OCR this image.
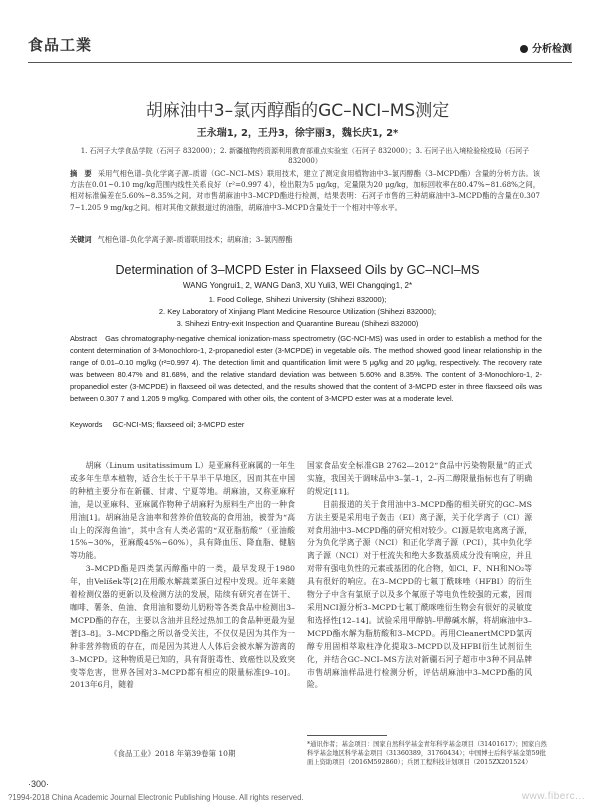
食品工業	分析检测
胡麻油中3–氯丙醇酯的GC–NCI–MS测定
王永瑞1, 2，王丹3，徐宇丽3，魏长庆1, 2*
1. 石河子大学食品学院（石河子 832000）；2. 新疆植物药资源利用教育部重点实验室（石河子 832000）；3. 石河子出入境检验检疫局（石河子 832000）
摘　要 采用气相色谱–负化学离子源–质谱（GC–NCI–MS）联用技术，建立了测定食用植物油中3–氯丙醇酯（3–MCPD酯）含量的分析方法。该方法在0.01~0.10 mg/kg范围内线性关系良好（r²=0.997 4），检出限为5 μg/kg，定量限为20 μg/kg，加标回收率在80.47%~81.68%之间，相对标准偏差在5.60%~8.35%之间。对市售胡麻油中3–MCPD酯进行检测，结果表明：石河子市售的三种胡麻油中3–MCPD酯的含量在0.307 7~1.205 9 mg/kg之间。相对其他文献报道过的油脂，胡麻油中3–MCPD含量处于一个相对中等水平。
关键词 气相色谱–负化学离子源–质谱联用技术；胡麻油；3–氯丙醇酯
Determination of 3–MCPD Ester in Flaxseed Oils by GC–NCI–MS
WANG Yongrui1, 2, WANG Dan3, XU Yuli3, WEI Changqing1, 2*
1. Food College, Shihezi University (Shihezi 832000);
2. Key Laboratory of Xinjiang Plant Medicine Resource Utilization (Shihezi 832000);
3. Shihezi Entry-exit Inspection and Quarantine Bureau (Shihezi 832000)
Abstract Gas chromatography-negative chemical ionization-mass spectrometry (GC-NCI-MS) was used in order to establish a method for the content determination of 3-Monochloro-1, 2-propanediol ester (3-MCPDE) in vegetable oils. The method showed good linear relationship in the range of 0.01–0.10 mg/kg (r²=0.997 4). The detection limit and quantification limit were 5 μg/kg and 20 μg/kg, respectively. The recovery rate was between 80.47% and 81.68%, and the relative standard deviation was between 5.60% and 8.35%. The content of 3-Monochloro-1, 2-propanediol ester (3-MCPDE) in flaxseed oil was detected, and the results showed that the content of 3-MCPD ester in three flaxseed oils was between 0.307 7 and 1.205 9 mg/kg. Compared with other oils, the content of 3-MCPD ester was at a moderate level.
Keywords GC-NCI-MS; flaxseed oil; 3-MCPD ester

胡麻（Linum usitatissimum L）是亚麻科亚麻属的一年生或多年生草本植物，适合生长于干旱半干旱地区，因而其在中国的种植主要分布在新疆、甘肃、宁夏等地。胡麻油，又称亚麻籽油，是以亚麻科、亚麻属作物种子胡麻籽为原料生产出的一种食用油[1]。胡麻油是含油率和营养价值较高的食用油，被誉为“高山上的深海鱼油”，其中含有人类必需的“双亚脂肪酸”（亚油酸15%~30%，亚麻酸45%~60%），具有降血压、降血脂、健脑等功能。

3–MCPD酯是四类氯丙醇酯中的一类，最早发现于1980年，由Velíšek等[2]在用酸水解蔬菜蛋白过程中发现。近年来随着检测仪器的更新以及检测方法的发展，陆续有研究者在饼干、咖啡、薯条、鱼油、食用油和婴幼儿奶粉等各类食品中检测出3–MCPD酯的存在，主要以含油并且经过热加工的食品种更最为显著[3–8]。3–MCPD酯之所以备受关注，不仅仅是因为其作为一种非营养物质的存在，而是因为其进人人体后会被水解为游离的3–MCPD。这种物质是已知的，具有肾脏毒性、致癌性以及致突变等危害，世界各国对3–MCPD都有相应的限量标准[9–10]。2013年6月，随着

国家食品安全标准GB 2762—2012“食品中污染物限量”的正式实施，我国关于调味品中3–氯–1，2–丙二醇限量指标也有了明确的规定[11]。

目前报道的关于食用油中3–MCPD酯的相关研究的GC–MS方法主要是采用电子轰击（EI）离子源，关于化学离子（CI）源对食用油中3–MCPD酯的研究相对较少。CI源是软电离离子源，分为负化学离子源（NCI）和正化学离子源（PCI），其中负化学离子源（NCI）对于枉流失和绝大多数基质成分没有响应，并且对带有强电负性的元素或基团的化合物，如Cl、F、NH和NO₂等具有很好的响应。在3–MCPD的七氟丁酰咪唑（HFBI）的衍生物分子中含有氯原子以及多个氟原子等电负性较强的元素，因而采用NCI源分析3–MCPD七氟丁酰咪唑衍生物会有很好的灵敏度和选择性[12–14]。试验采用甲醇钠–甲醇碱水解，将胡麻油中3–MCPD酯水解为脂肪酸和3–MCPD。再用CleanertMCPD氯丙醇专用固相萃取柱净化提取3–MCPD以及HFBI衍生试剂衍生化，并结合GC–NCI–MS方法对新疆石河子超市中3种不同品牌市售胡麻油样品进行检测分析，评估胡麻油中3–MCPD酯的风险。

*通讯作者；基金项目：国家自然科学基金青年科学基金项目（31401617）；国家自然科学基金地区科学基金项目（31360389，31760434）；中国博士后科学基金第59批面上资助项目（2016M592860）；兵团工程科技计划项目（2015ZX201524）
《食品工业》2018 年第39卷第 10期
·300·
?1994-2018 China Academic Journal Electronic Publishing House. All rights reserved.	www.fiberc...
